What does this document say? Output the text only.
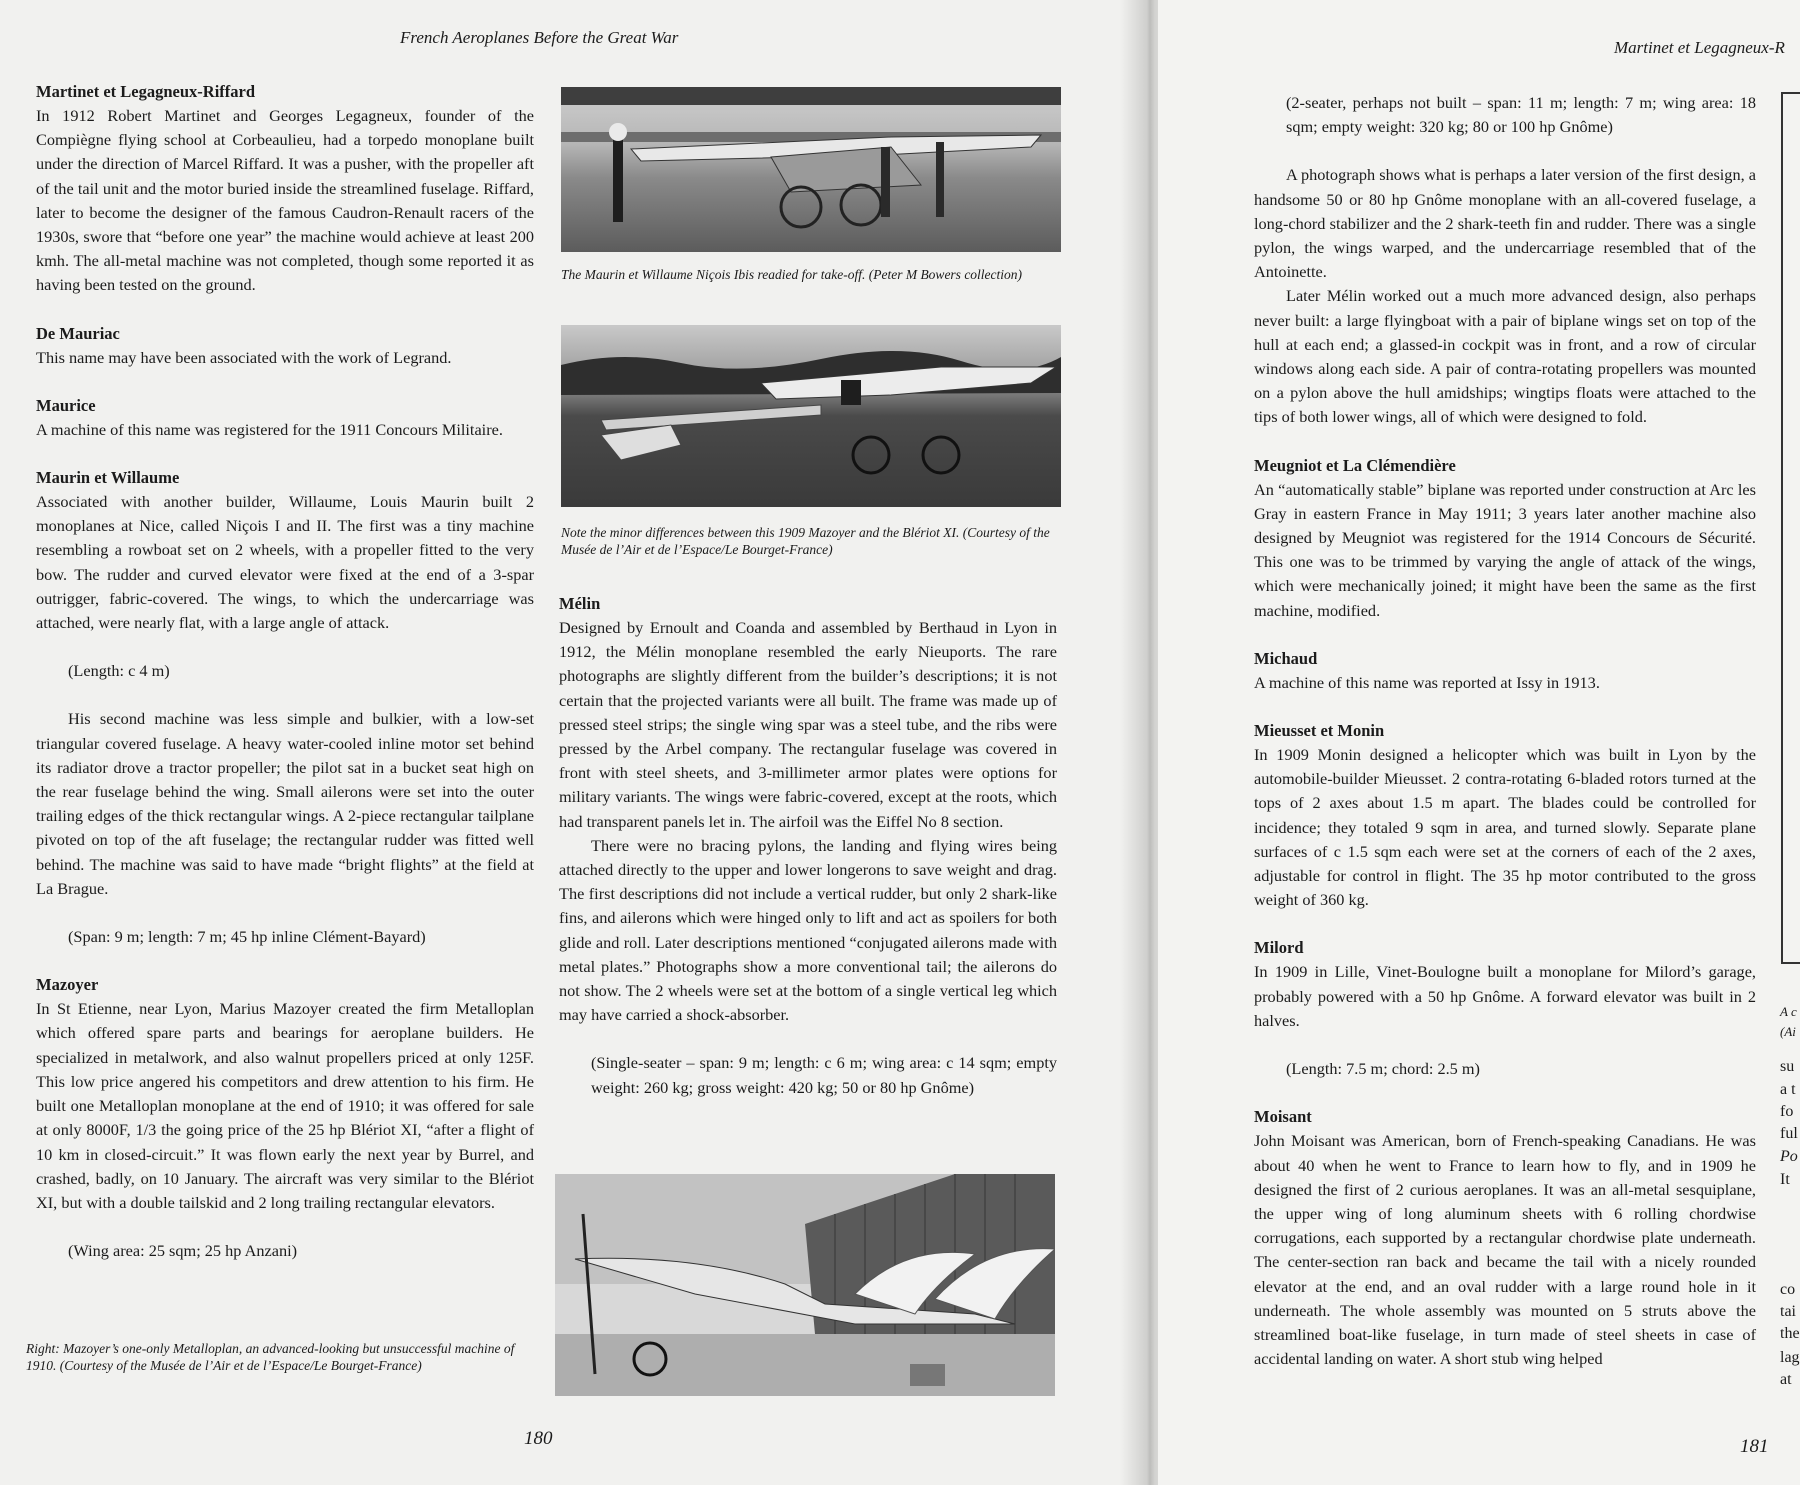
French Aeroplanes Before the Great War
Martinet et Legagneux-Riffard

In 1912 Robert Martinet and Georges Legagneux, founder of the Compiègne flying school at Corbeaulieu, had a torpedo monoplane built under the direction of Marcel Riffard. It was a pusher, with the propeller aft of the tail unit and the motor buried inside the streamlined fuselage. Riffard, later to become the designer of the famous Caudron-Renault racers of the 1930s, swore that “before one year” the machine would achieve at least 200 kmh. The all-metal machine was not completed, though some reported it as having been tested on the ground.

De Mauriac

This name may have been associated with the work of Legrand.

Maurice

A machine of this name was registered for the 1911 Concours Militaire.

Maurin et Willaume

Associated with another builder, Willaume, Louis Maurin built 2 monoplanes at Nice, called Niçois I and II. The first was a tiny machine resembling a rowboat set on 2 wheels, with a propeller fitted to the very bow. The rudder and curved elevator were fixed at the end of a 3-spar outrigger, fabric-covered. The wings, to which the undercarriage was attached, were nearly flat, with a large angle of attack.

(Length: c 4 m)

His second machine was less simple and bulkier, with a low-set triangular covered fuselage. A heavy water-cooled inline motor set behind its radiator drove a tractor propeller; the pilot sat in a bucket seat high on the rear fuselage behind the wing. Small ailerons were set into the outer trailing edges of the thick rectangular wings. A 2-piece rectangular tailplane pivoted on top of the aft fuselage; the rectangular rudder was fitted well behind. The machine was said to have made “bright flights” at the field at La Brague.

(Span: 9 m; length: 7 m; 45 hp inline Clément-Bayard)

Mazoyer

In St Etienne, near Lyon, Marius Mazoyer created the firm Metalloplan which offered spare parts and bearings for aeroplane builders. He specialized in metalwork, and also walnut propellers priced at only 125F. This low price angered his competitors and drew attention to his firm. He built one Metalloplan monoplane at the end of 1910; it was offered for sale at only 8000F, 1/3 the going price of the 25 hp Blériot XI, “after a flight of 10 km in closed-circuit.” It was flown early the next year by Burrel, and crashed, badly, on 10 January. The aircraft was very similar to the Blériot XI, but with a double tailskid and 2 long trailing rectangular elevators.

(Wing area: 25 sqm; 25 hp Anzani)

The Maurin et Willaume Niçois Ibis readied for take-off. (Peter M Bowers collection)
Note the minor differences between this 1909 Mazoyer and the Blériot XI. (Courtesy of the Musée de l’Air et de l’Espace/Le Bourget-France)
Mélin

Designed by Ernoult and Coanda and assembled by Berthaud in Lyon in 1912, the Mélin monoplane resembled the early Nieuports. The rare photographs are slightly different from the builder’s descriptions; it is not certain that the projected variants were all built. The frame was made up of pressed steel strips; the single wing spar was a steel tube, and the ribs were pressed by the Arbel company. The rectangular fuselage was covered in front with steel sheets, and 3-millimeter armor plates were options for military variants. The wings were fabric-covered, except at the roots, which had transparent panels let in. The airfoil was the Eiffel No 8 section.

There were no bracing pylons, the landing and flying wires being attached directly to the upper and lower longerons to save weight and drag. The first descriptions did not include a vertical rudder, but only 2 shark-like fins, and ailerons which were hinged only to lift and act as spoilers for both glide and roll. Later descriptions mentioned “conjugated ailerons made with metal plates.” Photographs show a more conventional tail; the ailerons do not show. The 2 wheels were set at the bottom of a single vertical leg which may have carried a shock-absorber.

(Single-seater – span: 9 m; length: c 6 m; wing area: c 14 sqm; empty weight: 260 kg; gross weight: 420 kg; 50 or 80 hp Gnôme)

Right: Mazoyer’s one-only Metalloplan, an advanced-looking but unsuccessful machine of 1910. (Courtesy of the Musée de l’Air et de l’Espace/Le Bourget-France)
180
Martinet et Legagneux-R

(2-seater, perhaps not built – span: 11 m; length: 7 m; wing area: 18 sqm; empty weight: 320 kg; 80 or 100 hp Gnôme)

A photograph shows what is perhaps a later version of the first design, a handsome 50 or 80 hp Gnôme monoplane with an all-covered fuselage, a long-chord stabilizer and the 2 shark-teeth fin and rudder. There was a single pylon, the wings warped, and the undercarriage resembled that of the Antoinette.

Later Mélin worked out a much more advanced design, also perhaps never built: a large flyingboat with a pair of biplane wings set on top of the hull at each end; a glassed-in cockpit was in front, and a row of circular windows along each side. A pair of contra-rotating propellers was mounted on a pylon above the hull amidships; wingtips floats were attached to the tips of both lower wings, all of which were designed to fold.

Meugniot et La Clémendière

An “automatically stable” biplane was reported under construction at Arc les Gray in eastern France in May 1911; 3 years later another machine also designed by Meugniot was registered for the 1914 Concours de Sécurité. This one was to be trimmed by varying the angle of attack of the wings, which were mechanically joined; it might have been the same as the first machine, modified.

Michaud

A machine of this name was reported at Issy in 1913.

Mieusset et Monin

In 1909 Monin designed a helicopter which was built in Lyon by the automobile-builder Mieusset. 2 contra-rotating 6-bladed rotors turned at the tops of 2 axes about 1.5 m apart. The blades could be controlled for incidence; they totaled 9 sqm in area, and turned slowly. Separate plane surfaces of c 1.5 sqm each were set at the corners of each of the 2 axes, adjustable for control in flight. The 35 hp motor contributed to the gross weight of 360 kg.

Milord

In 1909 in Lille, Vinet-Boulogne built a monoplane for Milord’s garage, probably powered with a 50 hp Gnôme. A forward elevator was built in 2 halves.

(Length: 7.5 m; chord: 2.5 m)

Moisant

John Moisant was American, born of French-speaking Canadians. He was about 40 when he went to France to learn how to fly, and in 1909 he designed the first of 2 curious aeroplanes. It was an all-metal sesquiplane, the upper wing of long aluminum sheets with 6 rolling chordwise corrugations, each supported by a rectangular chordwise plate underneath. The center-section ran back and became the tail with a nicely rounded elevator at the end, and an oval rudder with a large round hole in it underneath. The whole assembly was mounted on 5 struts above the streamlined boat-like fuselage, in turn made of steel sheets in case of accidental landing on water. A short stub wing helped

A c
(Ai
su
a t
fo
ful
Po
It
co
tai
the
lag
at
181
